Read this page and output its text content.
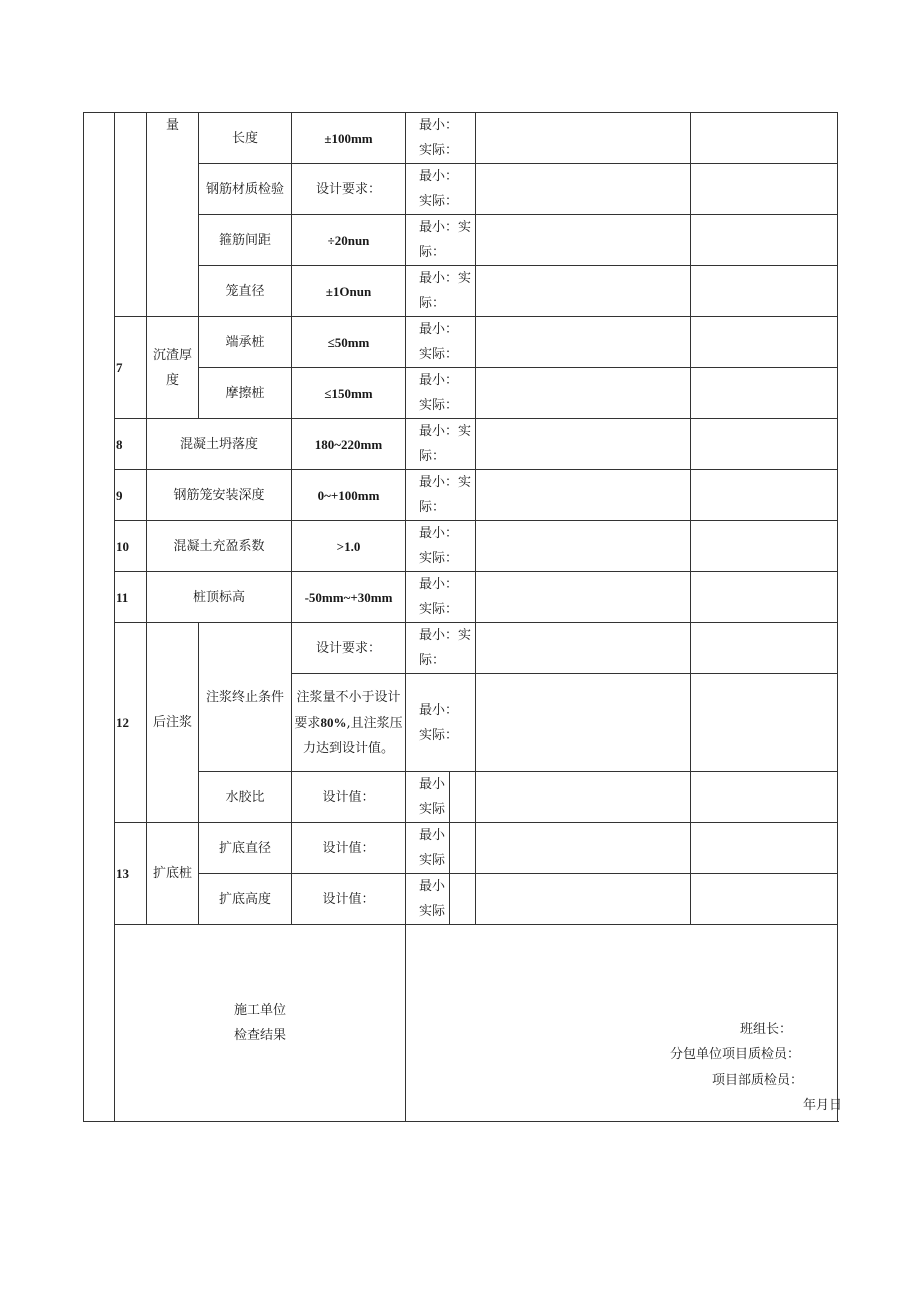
		量	长度	±100mm	最小：
实际：			

			钢筋材质检验	设计要求：	最小：
实际：			

			箍筋间距	÷20nun	最小：实际：			
			笼直径	±1Onun	最小：实际：			
	7	沉渣厚度	端承桩	≤50mm	最小：
实际：			

			摩擦桩	≤150mm	最小：
实际：			

	8	混凝土坍落度		180~220mm	最小：实际：			
	9	钢筋笼安装深度		0~+100mm	最小：实际：			
	10	混凝土充盈系数		>1.0	最小：
实际：			

	11	桩顶标高		-50mm~+30mm	最小：
实际：			

	12	后注浆	注浆终止条件	设计要求：	最小：实际：			
				注浆量不小于设计要求80%,且注浆压力达到设计值。	最小：
实际：			

			水胶比	设计值：	最小
实际			

	13	扩底桩	扩底直径	设计值：	最小
实际			

			扩底高度	设计值：	最小
实际			

	施工单位
检查结果				班组长：
分包单位项目质检员：
项目部质检员：
年月日			
